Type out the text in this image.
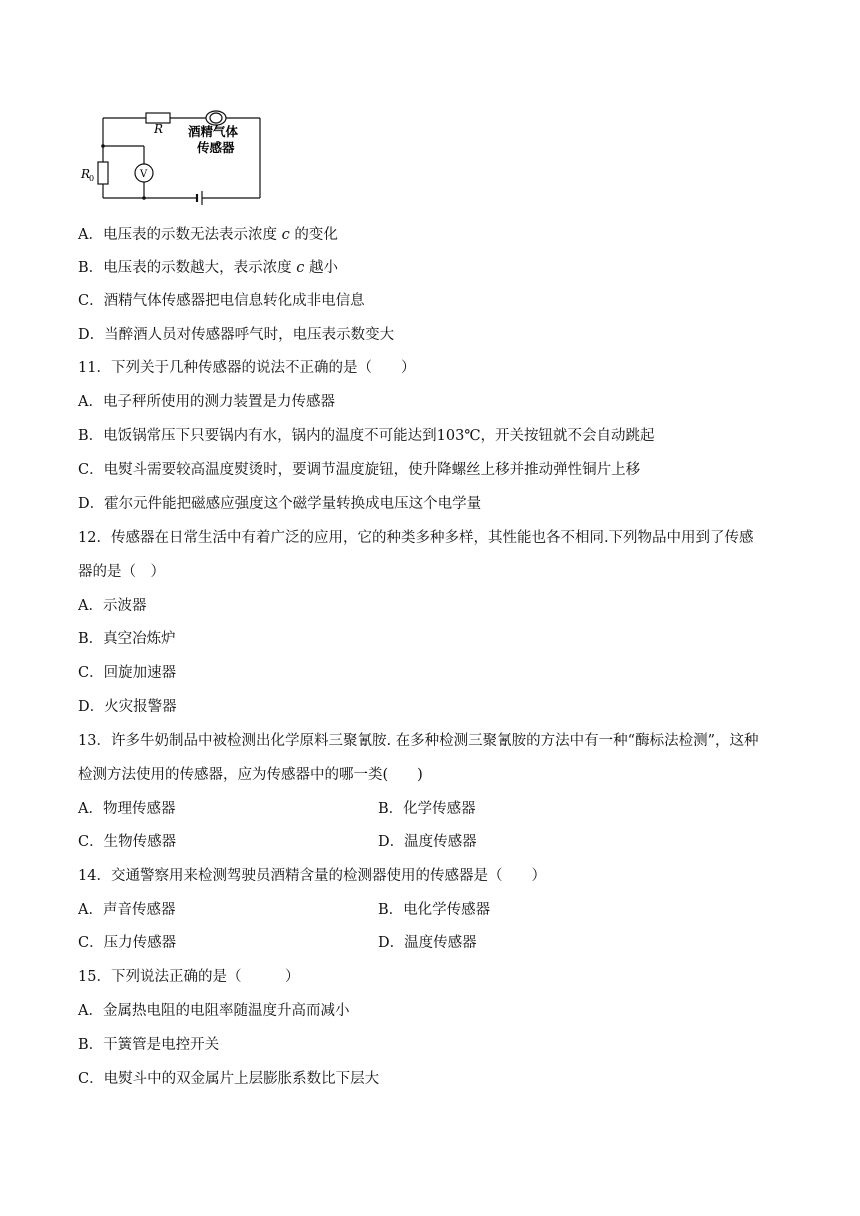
R
R
0	V
酒精气体
传感器
A．电压表的示数无法表示浓度 c 的变化
B．电压表的示数越大，表示浓度 c 越小
C．酒精气体传感器把电信息转化成非电信息
D．当醉酒人员对传感器呼气时，电压表示数变大
11．下列关于几种传感器的说法不正确的是（　　）
A．电子秤所使用的测力装置是力传感器
B．电饭锅常压下只要锅内有水，锅内的温度不可能达到103℃，开关按钮就不会自动跳起
C．电熨斗需要较高温度熨烫时，要调节温度旋钮，使升降螺丝上移并推动弹性铜片上移
D．霍尔元件能把磁感应强度这个磁学量转换成电压这个电学量
12．传感器在日常生活中有着广泛的应用，它的种类多种多样，其性能也各不相同.下列物品中用到了传感
器的是（　）
A．示波器
B．真空冶炼炉
C．回旋加速器
D．火灾报警器
13．许多牛奶制品中被检测出化学原料三聚氰胺. 在多种检测三聚氰胺的方法中有一种“酶标法检测”，这种
检测方法使用的传感器，应为传感器中的哪一类(　　)
A．物理传感器	B．化学传感器
C．生物传感器	D．温度传感器
14．交通警察用来检测驾驶员酒精含量的检测器使用的传感器是（　　）
A．声音传感器	B．电化学传感器
C．压力传感器	D．温度传感器
15．下列说法正确的是（　　　）
A．金属热电阻的电阻率随温度升高而减小
B．干簧管是电控开关
C．电熨斗中的双金属片上层膨胀系数比下层大
